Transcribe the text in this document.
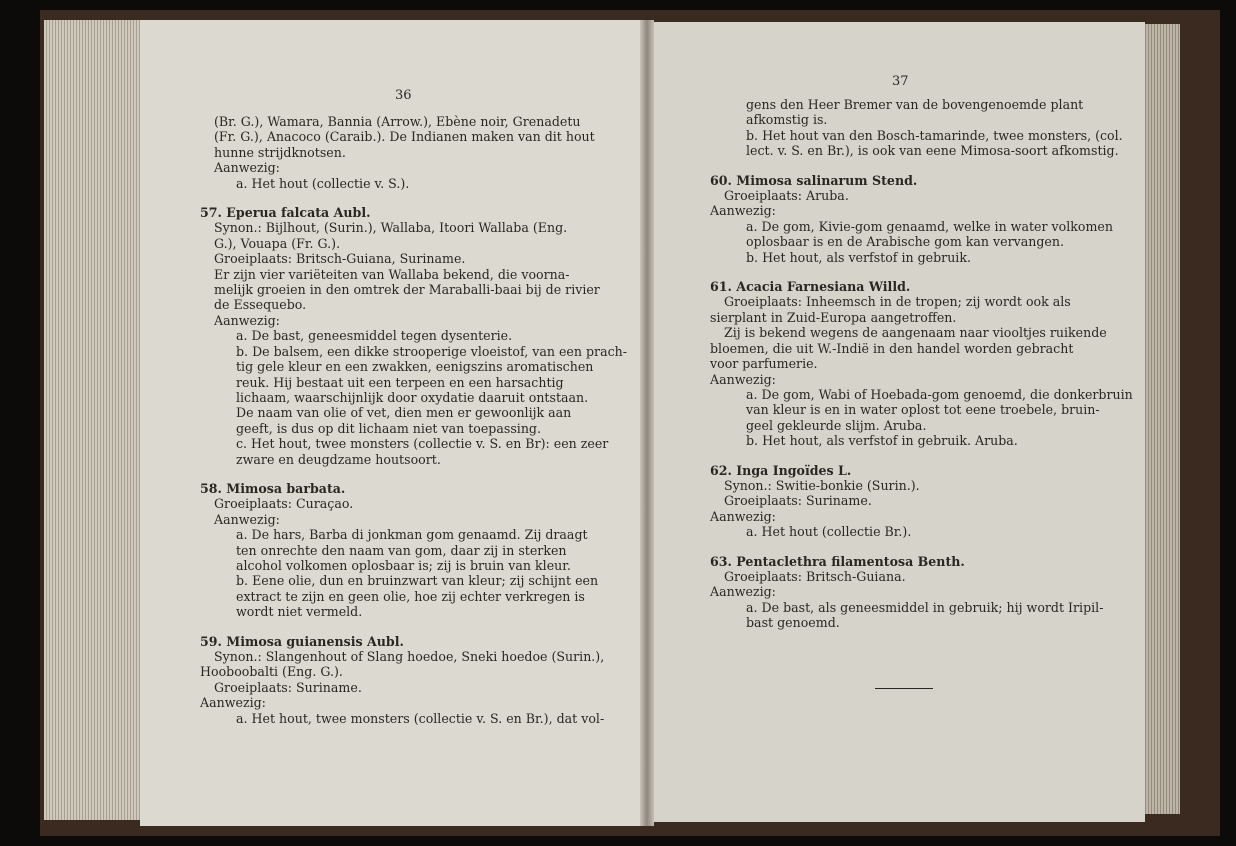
36
37
(Br. G.), Wamara, Bannia (Arrow.), Ebène noir, Grenadetu
(Fr. G.), Anacoco (Caraib.). De Indianen maken van dit hout
hunne strijdknotsen.
Aanwezig:
a. Het hout (collectie v. S.).
57. Eperua falcata Aubl.
Synon.: Bijlhout, (Surin.), Wallaba, Itoori Wallaba (Eng.
G.), Vouapa (Fr. G.).
Groeiplaats: Britsch-Guiana, Suriname.
Er zijn vier variëteiten van Wallaba bekend, die voorna-
melijk groeien in den omtrek der Maraballi-baai bij de rivier
de Essequebo.
Aanwezig:
a. De bast, geneesmiddel tegen dysenterie.
b. De balsem, een dikke strooperige vloeistof, van een prach-
tig gele kleur en een zwakken, eenigszins aromatischen
reuk. Hij bestaat uit een terpeen en een harsachtig
lichaam, waarschijnlijk door oxydatie daaruit ontstaan.
De naam van olie of vet, dien men er gewoonlijk aan
geeft, is dus op dit lichaam niet van toepassing.
c. Het hout, twee monsters (collectie v. S. en Br): een zeer
zware en deugdzame houtsoort.
58. Mimosa barbata.
Groeiplaats: Curaçao.
Aanwezig:
a. De hars, Barba di jonkman gom genaamd. Zij draagt
ten onrechte den naam van gom, daar zij in sterken
alcohol volkomen oplosbaar is; zij is bruin van kleur.
b. Eene olie, dun en bruinzwart van kleur; zij schijnt een
extract te zijn en geen olie, hoe zij echter verkregen is
wordt niet vermeld.
59. Mimosa guianensis Aubl.
Synon.: Slangenhout of Slang hoedoe, Sneki hoedoe (Surin.),
Hooboobalti (Eng. G.).
Groeiplaats: Suriname.
Aanwezig:
a. Het hout, twee monsters (collectie v. S. en Br.), dat vol-
gens den Heer Bremer van de bovengenoemde plant
afkomstig is.
b. Het hout van den Bosch-tamarinde, twee monsters, (col.
lect. v. S. en Br.), is ook van eene Mimosa-soort afkomstig.
60. Mimosa salinarum Stend.
Groeiplaats: Aruba.
Aanwezig:
a. De gom, Kivie-gom genaamd, welke in water volkomen
oplosbaar is en de Arabische gom kan vervangen.
b. Het hout, als verfstof in gebruik.
61. Acacia Farnesiana Willd.
Groeiplaats: Inheemsch in de tropen; zij wordt ook als
sierplant in Zuid-Europa aangetroffen.
Zij is bekend wegens de aangenaam naar viooltjes ruikende
bloemen, die uit W.-Indië in den handel worden gebracht
voor parfumerie.
Aanwezig:
a. De gom, Wabi of Hoebada-gom genoemd, die donkerbruin
van kleur is en in water oplost tot eene troebele, bruin-
geel gekleurde slijm. Aruba.
b. Het hout, als verfstof in gebruik. Aruba.
62. Inga Ingoïdes L.
Synon.: Switie-bonkie (Surin.).
Groeiplaats: Suriname.
Aanwezig:
a. Het hout (collectie Br.).
63. Pentaclethra filamentosa Benth.
Groeiplaats: Britsch-Guiana.
Aanwezig:
a. De bast, als geneesmiddel in gebruik; hij wordt Iripil-
bast genoemd.
